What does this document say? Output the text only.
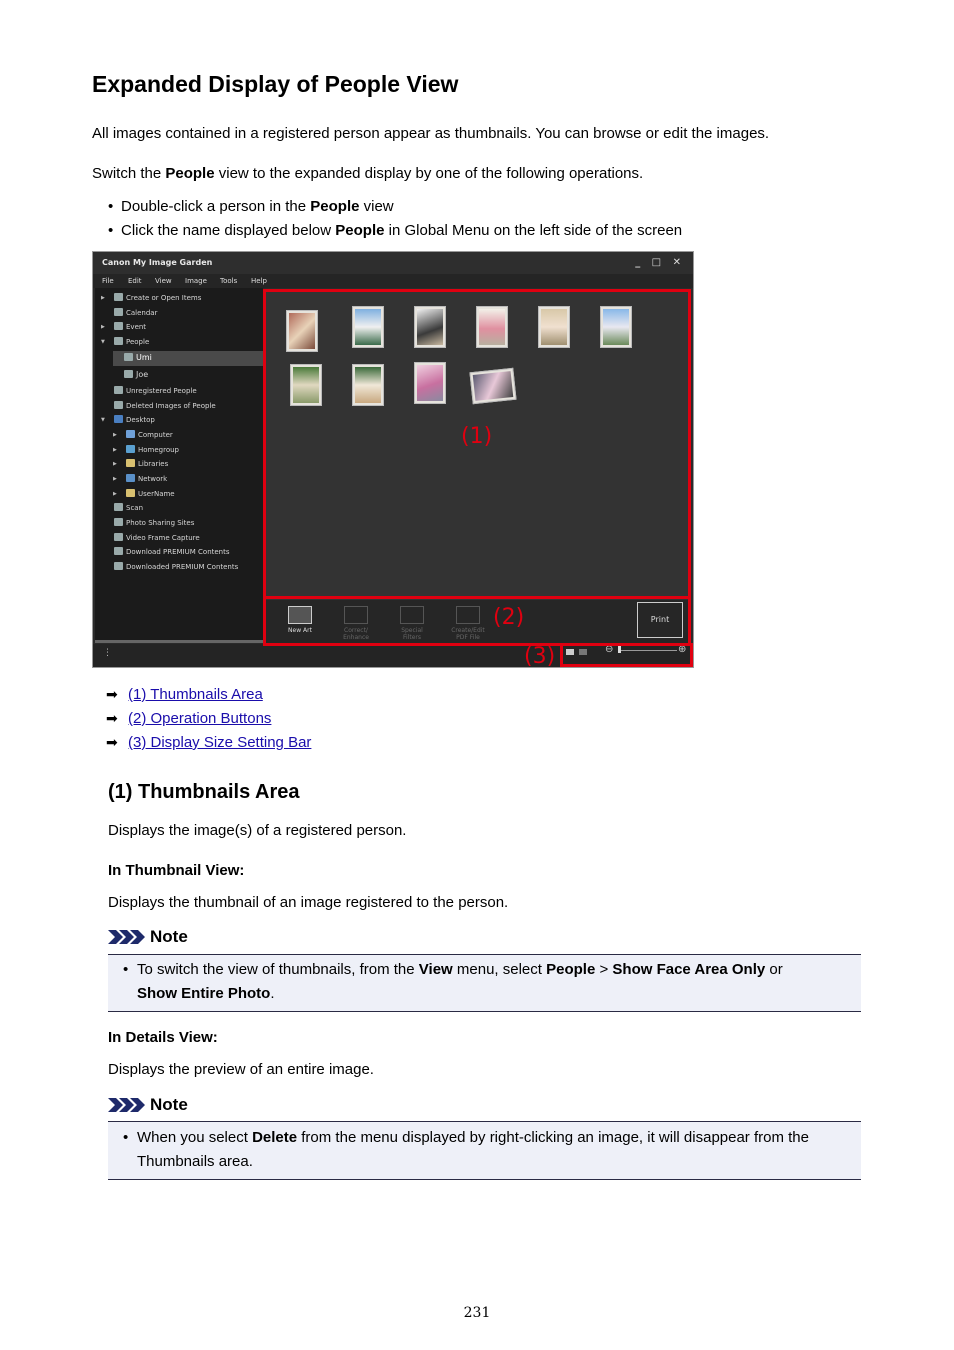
Expanded Display of People View
All images contained in a registered person appear as thumbnails. You can browse or edit the images.
Switch the People view to the expanded display by one of the following operations.
• Double-click a person in the People view
• Click the name displayed below People in Global Menu on the left side of the screen
Canon My Image Garden	_ □ ✕
File Edit View Image Tools Help
▶	Create or Open Items
Calendar
▶	Event
▼	People
Umi
Joe
Unregistered People
Deleted Images of People
▼	Desktop
▶	Computer
▶	Homegroup
▶	Libraries
▶	Network
▶	UserName
Scan
Photo Sharing Sites
Video Frame Capture
Download PREMIUM Contents
Downloaded PREMIUM Contents
New Art	Correct/
Enhance
Special
Filters
Create/Edit
PDF File
Print
⋮	⊖	⊕
(1)
(2)
(3)
➡ (1) Thumbnails Area
➡ (2) Operation Buttons
➡ (3) Display Size Setting Bar
(1) Thumbnails Area
Displays the image(s) of a registered person.
In Thumbnail View:
Displays the thumbnail of an image registered to the person.
Note
• To switch the view of thumbnails, from the View menu, select People > Show Face Area Only or
Show Entire Photo.
In Details View:
Displays the preview of an entire image.
Note
• When you select Delete from the menu displayed by right-clicking an image, it will disappear from the
Thumbnails area.
231
